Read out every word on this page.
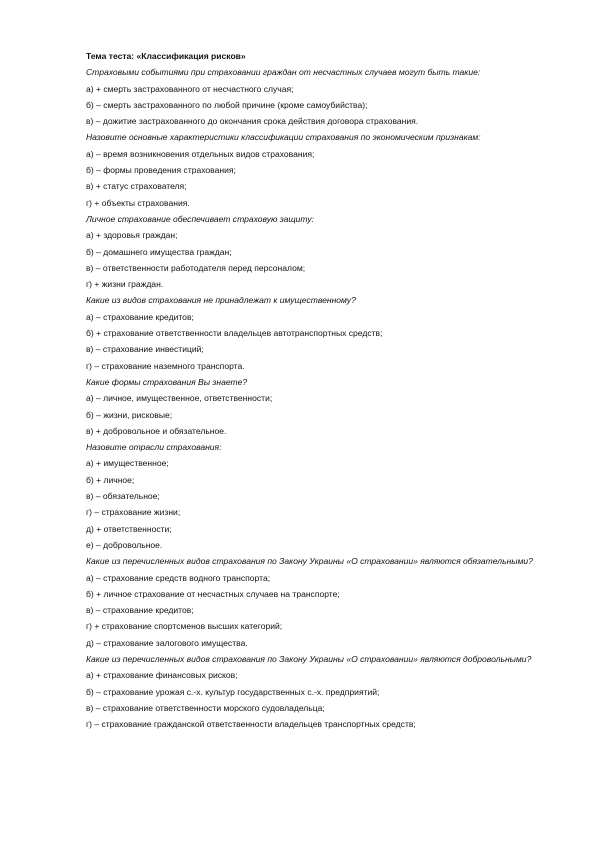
Тема теста: «Классификация рисков»
Страховыми событиями при страховании граждан от несчастных случаев могут быть такие:
а) + смерть застрахованного от несчастного случая;
б) – смерть застрахованного по любой причине (кроме самоубийства);
в) – дожитие застрахованного до окончания срока действия договора страхования.
Назовите основные характеристики классификации страхования по экономическим признакам:
а) – время возникновения отдельных видов страхования;
б) – формы проведения страхования;
в) + статус страхователя;
г) + объекты страхования.
Личное страхование обеспечивает страховую защиту:
а) + здоровья граждан;
б) – домашнего имущества граждан;
в) – ответственности работодателя перед персоналом;
г) + жизни граждан.
Какие из видов страхования не принадлежат к имущественному?
а) – страхование кредитов;
б) + страхование ответственности владельцев автотранспортных средств;
в) – страхование инвестиций;
г) – страхование наземного транспорта.
Какие формы страхования Вы знаете?
а) – личное, имущественное, ответственности;
б) – жизни, рисковые;
в) + добровольное и обязательное.
Назовите отрасли страхования:
а) + имущественное;
б) + личное;
в) – обязательное;
г) – страхование жизни;
д) + ответственности;
е) – добровольное.
Какие из перечисленных видов страхования по Закону Украины «О страховании» являются обязательными?
а) – страхование средств водного транспорта;
б) + личное страхование от несчастных случаев на транспорте;
в) – страхование кредитов;
г) + страхование спортсменов высших категорий;
д) – страхование залогового имущества.
Какие из перечисленных видов страхования по Закону Украины «О страховании» являются добровольными?
а) + страхование финансовых рисков;
б) – страхование урожая с.-х. культур государственных с.-х. предприятий;
в) – страхование ответственности морского судовладельца;
г) – страхование гражданской ответственности владельцев транспортных средств;
